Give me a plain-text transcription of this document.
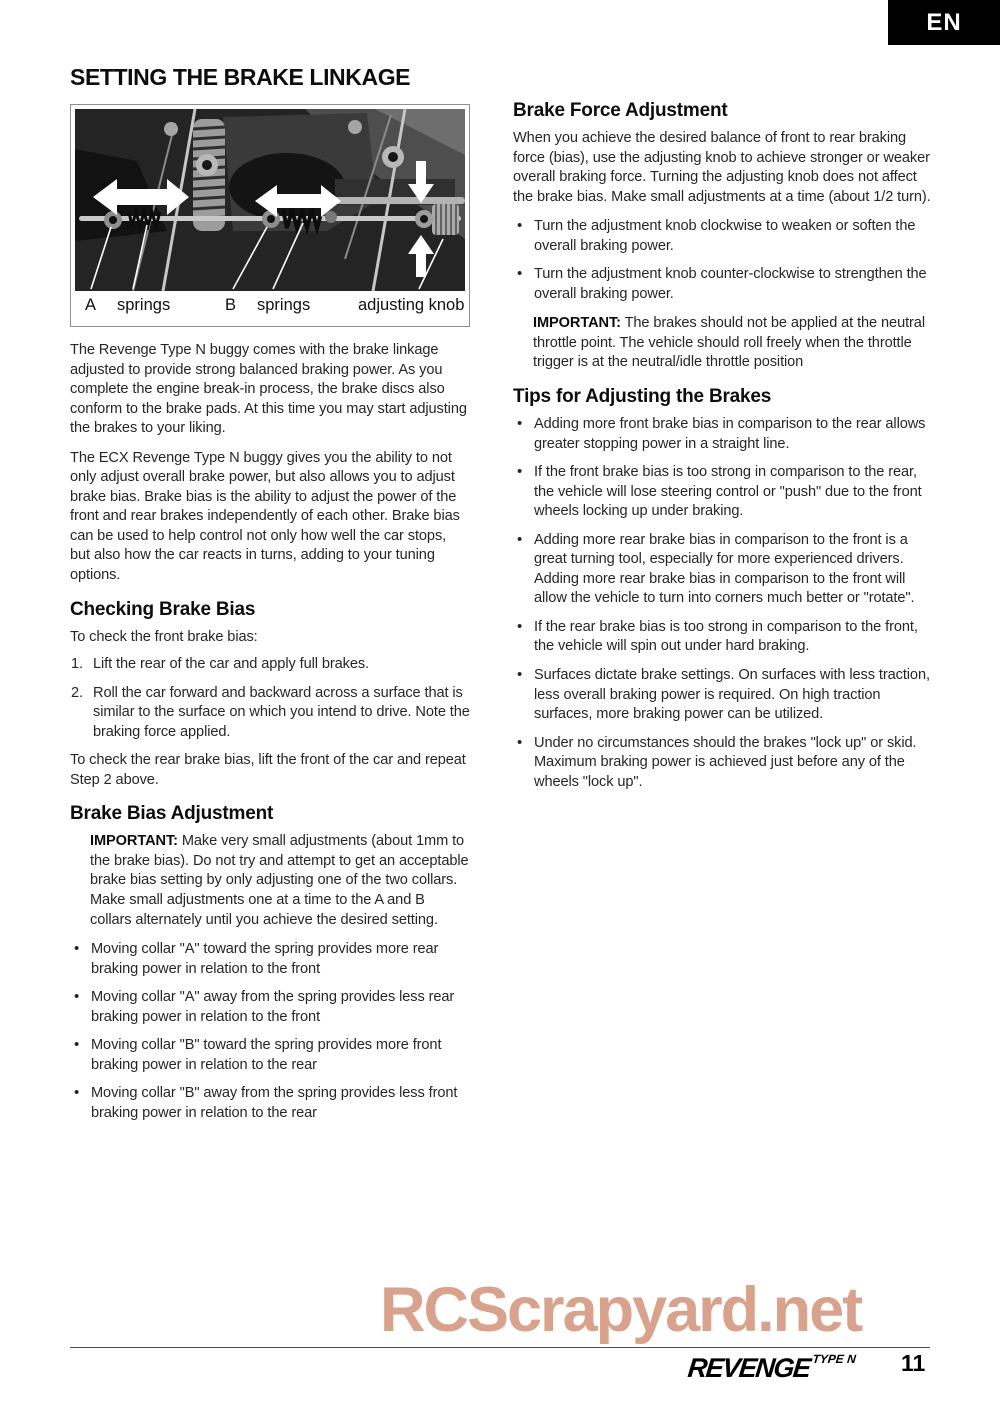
EN
SETTING THE BRAKE LINKAGE
A springs	B springs	adjusting knob

The Revenge Type N buggy comes with the brake linkage adjusted to provide strong balanced braking power. As you complete the engine break-in process, the brake discs also conform to the brake pads. At this time you may start adjusting the brakes to your liking.

The ECX Revenge Type N buggy gives you the ability to not only adjust overall brake power, but also allows you to adjust brake bias. Brake bias is the ability to adjust the power of the front and rear brakes independently of each other. Brake bias can be used to help control not only how well the car stops, but also how the car reacts in turns, adding to your tuning options.

Checking Brake Bias

To check the front brake bias:

Lift the rear of the car and apply full brakes.
Roll the car forward and backward across a surface that is similar to the surface on which you intend to drive. Note the braking force applied.

To check the rear brake bias, lift the front of the car and repeat Step 2 above.

Brake Bias Adjustment

IMPORTANT: Make very small adjustments (about 1mm to the brake bias). Do not try and attempt to get an acceptable brake bias setting by only adjusting one of the two collars. Make small adjustments one at a time to the A and B collars alternately until you achieve the desired setting.

• Moving collar "A" toward the spring provides more rear braking power in relation to the front
• Moving collar "A" away from the spring provides less rear braking power in relation to the front
• Moving collar "B" toward the spring provides more front braking power in relation to the rear
• Moving collar "B" away from the spring provides less front braking power in relation to the rear
Brake Force Adjustment

When you achieve the desired balance of front to rear braking force (bias), use the adjusting knob to achieve stronger or weaker overall braking force. Turning the adjusting knob does not affect the brake bias. Make small adjustments at a time (about 1/2 turn).

• Turn the adjustment knob clockwise to weaken or soften the overall braking power.
• Turn the adjustment knob counter-clockwise to strengthen the overall braking power.

IMPORTANT: The brakes should not be applied at the neutral throttle point. The vehicle should roll freely when the throttle trigger is at the neutral/idle throttle position

Tips for Adjusting the Brakes
• Adding more front brake bias in comparison to the rear allows greater stopping power in a straight line.
• If the front brake bias is too strong in comparison to the rear, the vehicle will lose steering control or "push" due to the front wheels locking up under braking.
• Adding more rear brake bias in comparison to the front is a great turning tool, especially for more experienced drivers. Adding more rear brake bias in comparison to the front will allow the vehicle to turn into corners much better or "rotate".
• If the rear brake bias is too strong in comparison to the front, the vehicle will spin out under hard braking.
• Surfaces dictate brake settings. On surfaces with less traction, less overall braking power is required. On high traction surfaces, more braking power can be utilized.
• Under no circumstances should the brakes "lock up" or skid. Maximum braking power is achieved just before any of the wheels "lock up".
RCScrapyard.net
$REVENGE^{TYPE N}$ 11
